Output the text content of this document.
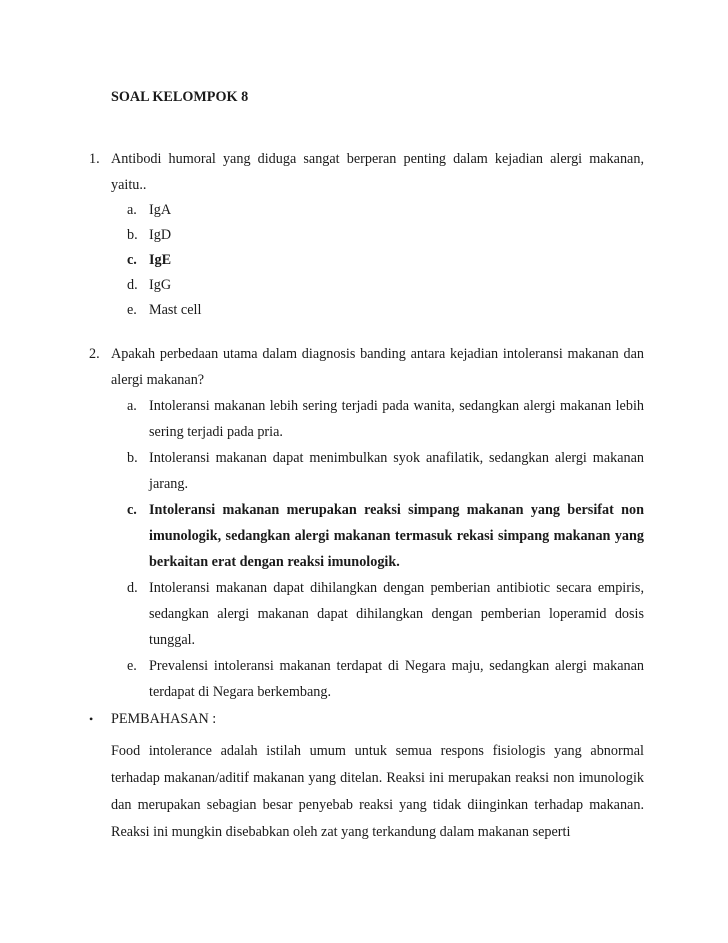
SOAL KELOMPOK 8
1. Antibodi humoral yang diduga sangat berperan penting dalam kejadian alergi makanan, yaitu..
a. IgA
b. IgD
c. IgE
d. IgG
e. Mast cell
2. Apakah perbedaan utama dalam diagnosis banding antara kejadian intoleransi makanan dan alergi makanan?
a. Intoleransi makanan lebih sering terjadi pada wanita, sedangkan alergi makanan lebih sering terjadi pada pria.
b. Intoleransi makanan dapat menimbulkan syok anafilatik, sedangkan alergi makanan jarang.
c. Intoleransi makanan merupakan reaksi simpang makanan yang bersifat non imunologik, sedangkan alergi makanan termasuk rekasi simpang makanan yang berkaitan erat dengan reaksi imunologik.
d. Intoleransi makanan dapat dihilangkan dengan pemberian antibiotic secara empiris, sedangkan alergi makanan dapat dihilangkan dengan pemberian loperamid dosis tunggal.
e. Prevalensi intoleransi makanan terdapat di Negara maju, sedangkan alergi makanan terdapat di Negara berkembang.
• PEMBAHASAN :

Food intolerance adalah istilah umum untuk semua respons fisiologis yang abnormal terhadap makanan/aditif makanan yang ditelan. Reaksi ini merupakan reaksi non imunologik dan merupakan sebagian besar penyebab reaksi yang tidak diinginkan terhadap makanan. Reaksi ini mungkin disebabkan oleh zat yang terkandung dalam makanan seperti
